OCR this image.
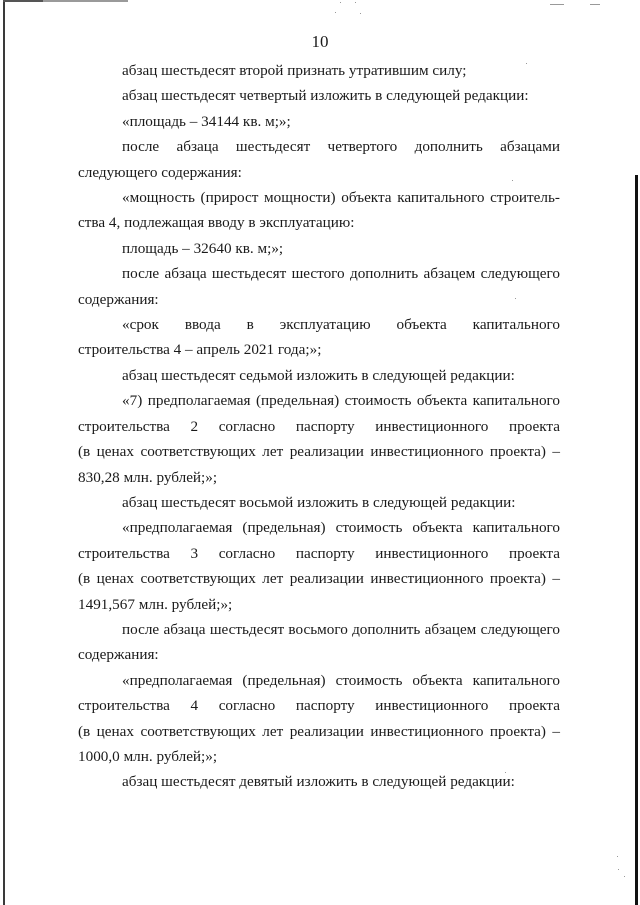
10

абзац шестьдесят второй признать утратившим силу;

абзац шестьдесят четвертый изложить в следующей редакции:

«площадь – 34144 кв. м;»;

после абзаца шестьдесят четвертого дополнить абзацами
следующего содержания:
«мощность (прирост мощности) объекта капитального строитель-
ства 4, подлежащая вводу в эксплуатацию:

площадь – 32640 кв. м;»;

после абзаца шестьдесят шестого дополнить абзацем следующего
содержания:
«срок ввода в эксплуатацию объекта капитального
строительства 4 – апрель 2021 года;»;

абзац шестьдесят седьмой изложить в следующей редакции:

«7) предполагаемая (предельная) стоимость объекта капитального
строительства 2 согласно паспорту инвестиционного проекта
(в ценах соответствующих лет реализации инвестиционного проекта) –
830,28 млн. рублей;»;

абзац шестьдесят восьмой изложить в следующей редакции:

«предполагаемая (предельная) стоимость объекта капитального
строительства 3 согласно паспорту инвестиционного проекта
(в ценах соответствующих лет реализации инвестиционного проекта) –
1491,567 млн. рублей;»;
после абзаца шестьдесят восьмого дополнить абзацем следующего
содержания:
«предполагаемая (предельная) стоимость объекта капитального
строительства 4 согласно паспорту инвестиционного проекта
(в ценах соответствующих лет реализации инвестиционного проекта) –
1000,0 млн. рублей;»;

абзац шестьдесят девятый изложить в следующей редакции:
